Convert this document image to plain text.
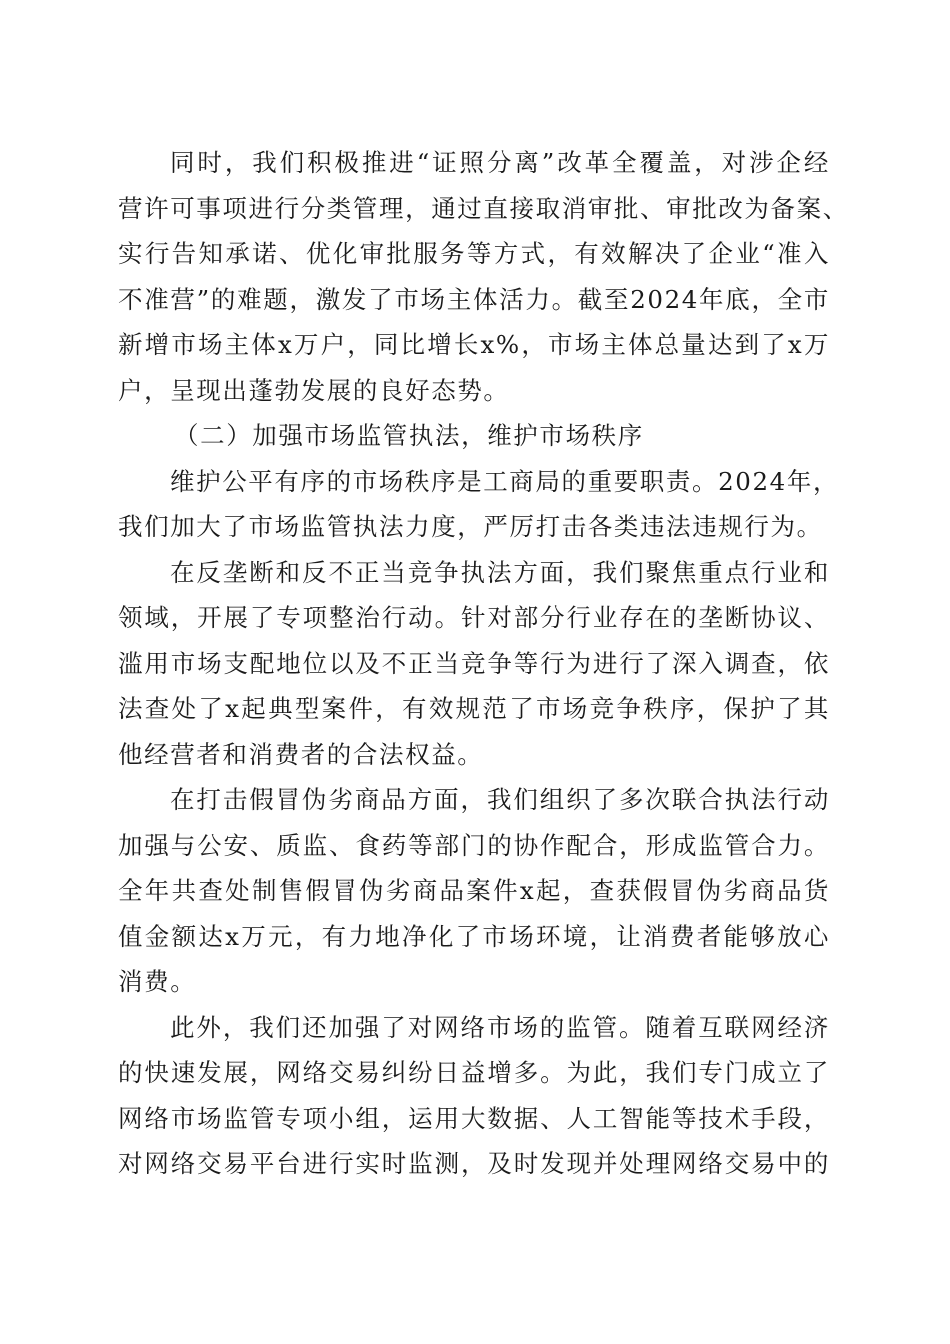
同时，我们积极推进“证照分离”改革全覆盖，对涉企经
营许可事项进行分类管理，通过直接取消审批、审批改为备案、
实行告知承诺、优化审批服务等方式，有效解决了企业“准入
不准营”的难题，激发了市场主体活力。截至2024年底，全市
新增市场主体x万户，同比增长x%，市场主体总量达到了x万
户，呈现出蓬勃发展的良好态势。
（二）加强市场监管执法，维护市场秩序
维护公平有序的市场秩序是工商局的重要职责。2024年，
我们加大了市场监管执法力度，严厉打击各类违法违规行为。
在反垄断和反不正当竞争执法方面，我们聚焦重点行业和
领域，开展了专项整治行动。针对部分行业存在的垄断协议、
滥用市场支配地位以及不正当竞争等行为进行了深入调查，依
法查处了x起典型案件，有效规范了市场竞争秩序，保护了其
他经营者和消费者的合法权益。
在打击假冒伪劣商品方面，我们组织了多次联合执法行动
加强与公安、质监、食药等部门的协作配合，形成监管合力。
全年共查处制售假冒伪劣商品案件x起，查获假冒伪劣商品货
值金额达x万元，有力地净化了市场环境，让消费者能够放心
消费。
此外，我们还加强了对网络市场的监管。随着互联网经济
的快速发展，网络交易纠纷日益增多。为此，我们专门成立了
网络市场监管专项小组，运用大数据、人工智能等技术手段，
对网络交易平台进行实时监测，及时发现并处理网络交易中的
